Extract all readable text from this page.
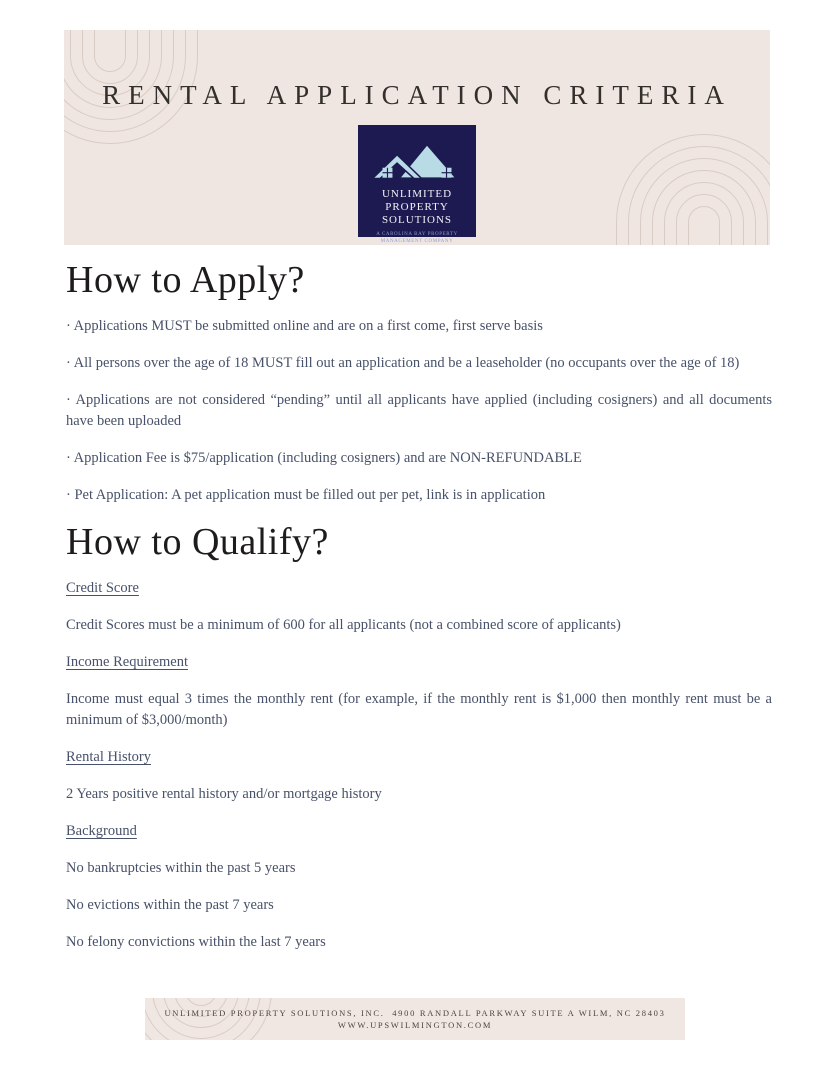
RENTAL APPLICATION CRITERIA
UNLIMITED
PROPERTY
SOLUTIONS
A CAROLINA BAY PROPERTY
MANAGEMENT COMPANY
How to Apply?

· Applications MUST be submitted online and are on a first come, first serve basis

· All persons over the age of 18 MUST fill out an application and be a leaseholder (no occupants over the age of 18)

· Applications are not considered “pending” until all applicants have applied (including cosigners) and all documents have been uploaded

· Application Fee is $75/application (including cosigners) and are NON-REFUNDABLE

· Pet Application: A pet application must be filled out per pet, link is in application

How to Qualify?

Credit Score

Credit Scores must be a minimum of 600 for all applicants (not a combined score of applicants)

Income Requirement

Income must equal 3 times the monthly rent (for example, if the monthly rent is $1,000 then monthly rent must be a minimum of $3,000/month)

Rental History

2 Years positive rental history and/or mortgage history

Background

No bankruptcies within the past 5 years

No evictions within the past 7 years

No felony convictions within the last 7 years

UNLIMITED PROPERTY SOLUTIONS, INC.  4900 RANDALL PARKWAY SUITE A WILM, NC 28403
WWW.UPSWILMINGTON.COM
